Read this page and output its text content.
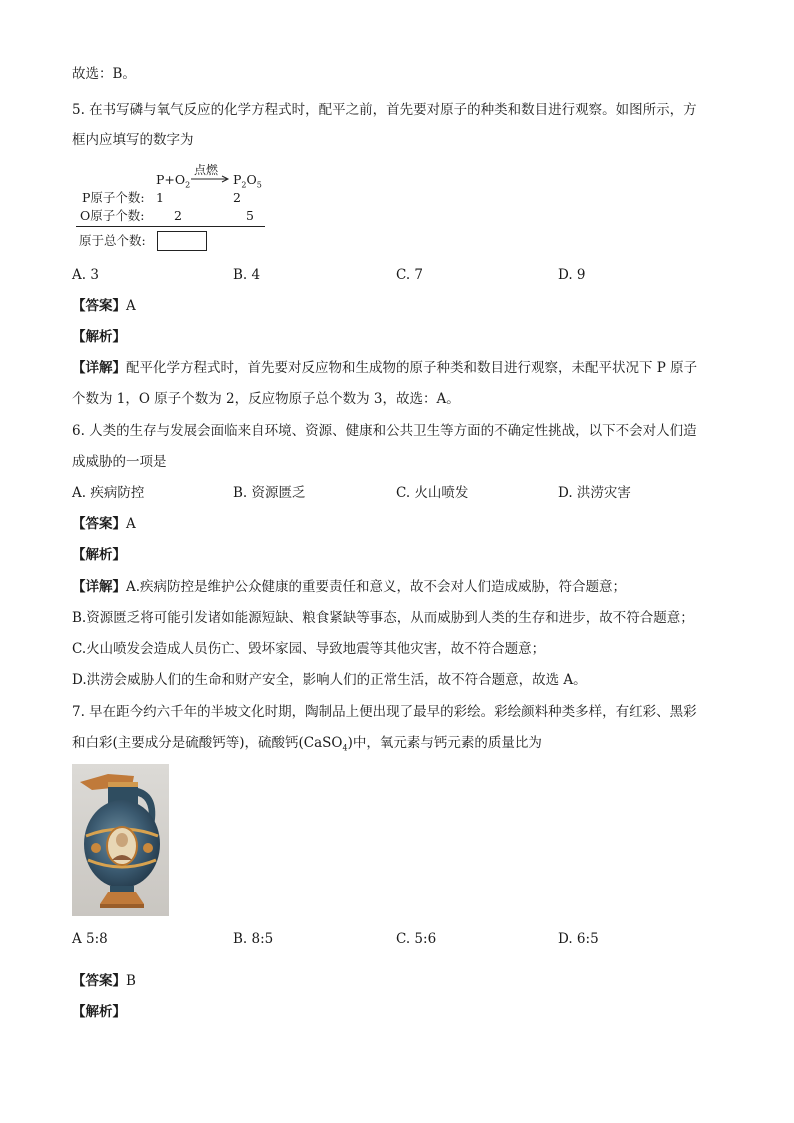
故选：B。
5. 在书写磷与氧气反应的化学方程式时，配平之前，首先要对原子的种类和数目进行观察。如图所示，方
框内应填写的数字为
$P+O_2$
点燃
→ $P_2O_5$
P原子个数: 1	2
O原子个数: 2	5
原于总个数:
A. 3	B. 4	C. 7	D. 9
【答案】A
【解析】
【详解】配平化学方程式时，首先要对反应物和生成物的原子种类和数目进行观察，未配平状况下 P 原子
个数为 1，O 原子个数为 2，反应物原子总个数为 3，故选：A。
6. 人类的生存与发展会面临来自环境、资源、健康和公共卫生等方面的不确定性挑战，以下不会对人们造
成威胁的一项是
A. 疾病防控	B. 资源匮乏	C. 火山喷发	D. 洪涝灾害
【答案】A
【解析】
【详解】A.疾病防控是维护公众健康的重要责任和意义，故不会对人们造成威胁，符合题意；
B.资源匮乏将可能引发诸如能源短缺、粮食紧缺等事态，从而威胁到人类的生存和进步，故不符合题意；
C.火山喷发会造成人员伤亡、毁坏家园、导致地震等其他灾害，故不符合题意；
D.洪涝会威胁人们的生命和财产安全，影响人们的正常生活，故不符合题意，故选 A。
7. 早在距今约六千年的半坡文化时期，陶制品上便出现了最早的彩绘。彩绘颜料种类多样，有红彩、黑彩
和白彩(主要成分是硫酸钙等)，硫酸钙(CaSO$_4$)中，氧元素与钙元素的质量比为
A 5:8	B. 8:5	C. 5:6	D. 6:5
【答案】B
【解析】
